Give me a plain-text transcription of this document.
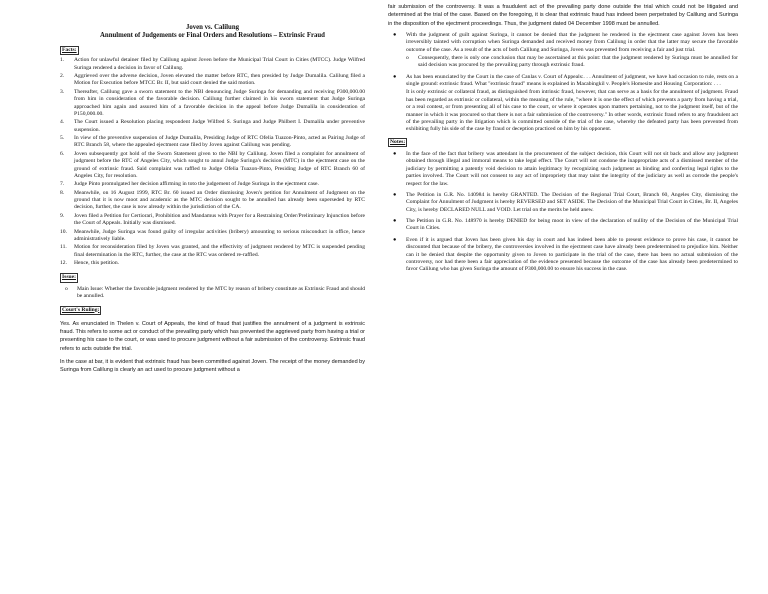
Joven vs. Calilung
Annulment of Judgements or Final Orders and Resolutions – Extrinsic Fraud
Facts:
1.	Action for unlawful detainer filed by Calilung against Joven before the Municipal Trial Court in Cities (MTCC). Judge Wilfred Suringa rendered a decision in favor of Calilung.
2.	Aggrieved over the adverse decision, Joven elevated the matter before RTC, then presided by Judge Dumalila. Calilung filed a Motion for Execution before MTCC Br. II, but said court denied the said motion.
3.	Thereafter, Calilung gave a sworn statement to the NBI denouncing Judge Suringa for demanding and receiving P300,000.00 from him in consideration of the favorable decision. Calilung further claimed in his sworn statement that Judge Suringa approached him again and assured him of a favorable decision in the appeal before Judge Dumalila in consideration of P150,000.00.
4.	The Court issued a Resolution placing respondent Judge Wilfred S. Suringa and Judge Philbert I. Dumalila under preventive suspension.
5.	In view of the preventive suspension of Judge Dumalila, Presiding Judge of RTC Ofelia Tuazon-Pinto, acted as Pairing Judge of RTC Branch 58, where the appealed ejectment case filed by Joven against Calilung was pending.
6.	Joven subsequently got hold of the Sworn Statement given to the NBI by Calilung. Joven filed a complaint for annulment of judgment before the RTC of Angeles City, which sought to annul Judge Suringa's decision (MTC) in the ejectment case on the ground of extrinsic fraud. Said complaint was raffled to Judge Ofelia Tuazon-Pinto, Presiding Judge of RTC Branch 60 of Angeles City, for resolution.
7.	Judge Pinto promulgated her decision affirming in toto the judgement of Judge Suringa in the ejectment case.
8.	Meanwhile, on 16 August 1999, RTC Br. 60 issued an Order dismissing Joven's petition for Annulment of Judgment on the ground that it is now moot and academic as the MTC decision sought to be annulled has already been superseded by RTC decision, further, the case is now already within the jurisdiction of the CA.
9.	Joven filed a Petition for Certiorari, Prohibition and Mandamus with Prayer for a Restraining Order/Preliminary Injunction before the Court of Appeals. Initially was dismissed.
10.	Meanwhile, Judge Suringa was found guilty of irregular activities (bribery) amounting to serious misconduct in office, hence administratively liable.
11.	Motion for reconsideration filed by Joven was granted, and the effectivity of judgment rendered by MTC is suspended pending final determination in the RTC, further, the case at the RTC was ordered re-raffled.
12.	Hence, this petition.
Issue:
o	Main Issue: Whether the favorable judgment rendered by the MTC by reason of bribery constitute as Extrinsic Fraud and should be annulled.
Court's Ruling:
Yes. As enunciated in Thelen v. Court of Appeals, the kind of fraud that justifies the annulment of a judgment is extrinsic fraud. This refers to some act or conduct of the prevailing party which has prevented the aggrieved party from having a trial or presenting his case to the court, or was used to procure judgment without a fair submission of the controversy. Extrinsic fraud refers to acts outside the trial.
In the case at bar, it is evident that extrinsic fraud has been committed against Joven. The receipt of the money demanded by Suringa from Calilung is clearly an act used to procure judgment without a
fair submission of the controversy. It was a fraudulent act of the prevailing party done outside the trial which could not be litigated and determined at the trial of the case. Based on the foregoing, it is clear that extrinsic fraud has indeed been perpetrated by Calilung and Suringa in the disposition of the ejectment proceedings. Thus, the judgment dated 04 December 1998 must be annulled.
●	With the judgment of guilt against Suringa, it cannot be denied that the judgment he rendered in the ejectment case against Joven has been irreversibly tainted with corruption when Suringa demanded and received money from Calilung in order that the latter may secure the favorable outcome of the case. As a result of the acts of both Calilung and Suringa, Joven was prevented from receiving a fair and just trial.
o	Consequently, there is only one conclusion that may be ascertained at this point: that the judgment rendered by Suringa must be annulled for said decision was procured by the prevailing party through extrinsic fraud.
●	As has been enunciated by the Court in the case of Canlas v. Court of Appeals:. . . Annulment of judgment, we have had occasion to rule, rests on a single ground: extrinsic fraud. What "extrinsic fraud" means is explained in Macabingkil v. People's Homesite and Housing Corporation: . . .
It is only extrinsic or collateral fraud, as distinguished from intrinsic fraud, however, that can serve as a basis for the annulment of judgment. Fraud has been regarded as extrinsic or collateral, within the meaning of the rule, "where it is one the effect of which prevents a party from having a trial, or a real contest, or from presenting all of his case to the court, or where it operates upon matters pertaining, not to the judgment itself, but of the manner in which it was procured so that there is not a fair submission of the controversy." In other words, extrinsic fraud refers to any fraudulent act of the prevailing party in the litigation which is committed outside of the trial of the case, whereby the defeated party has been prevented from exhibiting fully his side of the case by fraud or deception practiced on him by his opponent.
Notes:
●	In the face of the fact that bribery was attendant in the procurement of the subject decision, this Court will not sit back and allow any judgment obtained through illegal and immoral means to take legal effect. The Court will not condone the inappropriate acts of a dismissed member of the judiciary by permitting a patently void decision to attain legitimacy by recognizing such judgment as binding and conferring legal rights to the parties involved. The Court will not consent to any act of impropriety that may taint the integrity of the judiciary as well as corrode the people's respect for the law.
●	The Petition in G.R. No. 140984 is hereby GRANTED. The Decision of the Regional Trial Court, Branch 60, Angeles City, dismissing the Complaint for Annulment of Judgment is hereby REVERSED and SET ASIDE. The Decision of the Municipal Trial Court in Cities, Br. II, Angeles City, is hereby DECLARED NULL and VOID. Let trial on the merits be held anew.
●	The Petition in G.R. No. 148970 is hereby DENIED for being moot in view of the declaration of nullity of the Decision of the Municipal Trial Court in Cities.
●	Even if it is argued that Joven has been given his day in court and has indeed been able to present evidence to prove his case, it cannot be discounted that because of the bribery, the controversies involved in the ejectment case have already been predetermined to prejudice him. Neither can it be denied that despite the opportunity given to Joven to participate in the trial of the case, there has been no actual submission of the controversy, nor had there been a fair appreciation of the evidence presented because the outcome of the case has already been predetermined to favor Calilung who has given Suringa the amount of P300,000.00 to ensure his success in the case.
